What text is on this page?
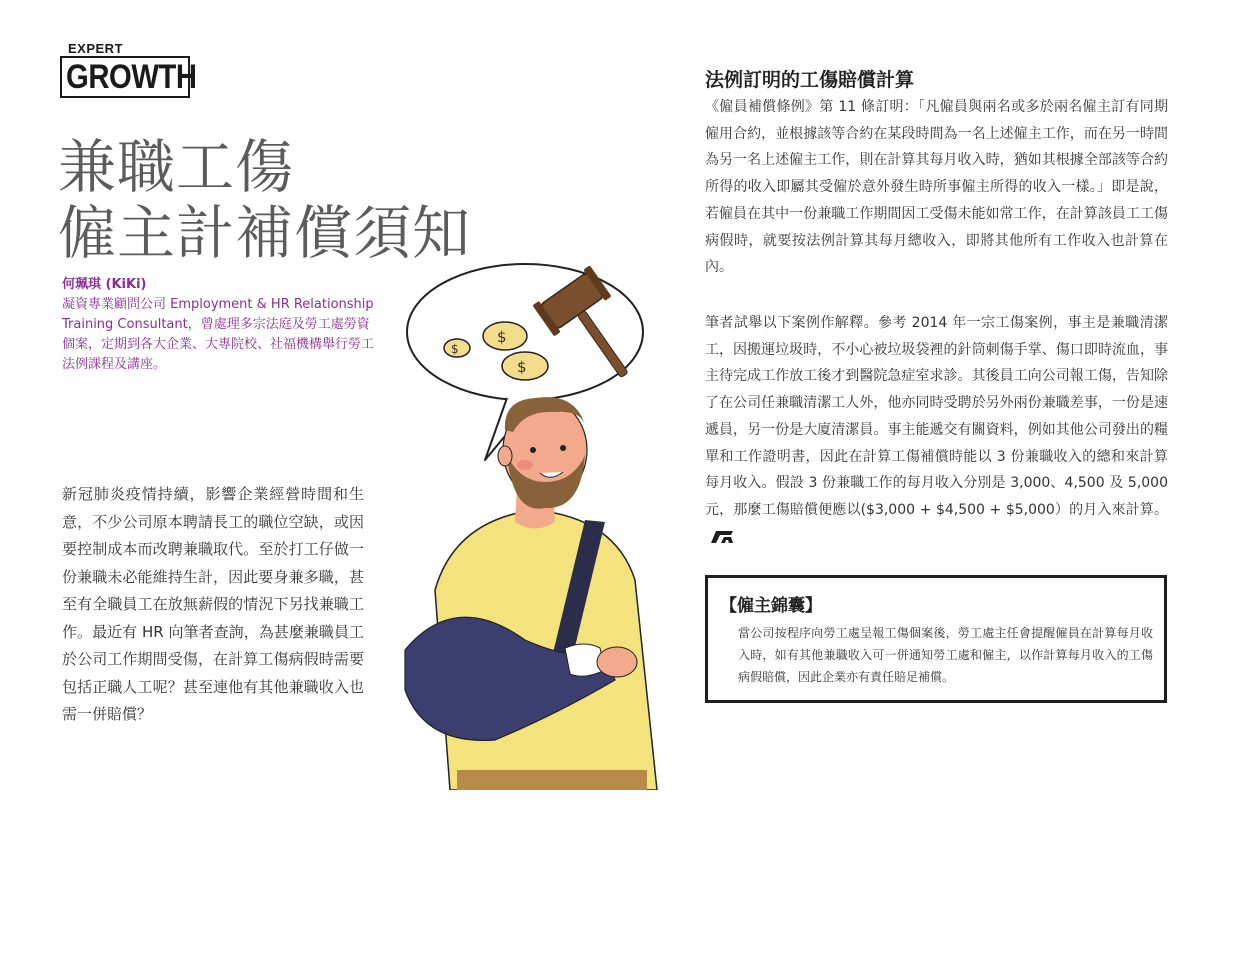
EXPERT
GROWTH
兼職工傷
僱主計補償須知
何珮琪 (KiKi)
凝資專業顧問公司 Employment & HR Relationship Training Consultant，曾處理多宗法庭及勞工處勞資個案，定期到各大企業、大專院校、社福機構舉行勞工法例課程及講座。

新冠肺炎疫情持續，影響企業經營時間和生意，不少公司原本聘請長工的職位空缺，或因要控制成本而改聘兼職取代。至於打工仔做一份兼職未必能維持生計，因此要身兼多職，甚至有全職員工在放無薪假的情況下另找兼職工作。最近有 HR 向筆者查詢，為甚麼兼職員工於公司工作期間受傷，在計算工傷病假時需要包括正職人工呢？甚至連他有其他兼職收入也需一併賠償？

$
$
$
Shutterstock.com
法例訂明的工傷賠償計算

《僱員補償條例》第 11 條訂明：「凡僱員與兩名或多於兩名僱主訂有同期僱用合約，並根據該等合約在某段時間為一名上述僱主工作，而在另一時間為另一名上述僱主工作，則在計算其每月收入時，猶如其根據全部該等合約所得的收入即屬其受僱於意外發生時所事僱主所得的收入一樣。」即是說，若僱員在其中一份兼職工作期間因工受傷未能如常工作，在計算該員工工傷病假時，就要按法例計算其每月總收入，即將其他所有工作收入也計算在內。

筆者試舉以下案例作解釋。參考 2014 年一宗工傷案例，事主是兼職清潔工，因搬運垃圾時，不小心被垃圾袋裡的針筒刺傷手掌、傷口即時流血，事主待完成工作放工後才到醫院急症室求診。其後員工向公司報工傷，告知除了在公司任兼職清潔工人外，他亦同時受聘於另外兩份兼職差事，一份是速遞員，另一份是大廈清潔員。事主能遞交有關資料，例如其他公司發出的糧單和工作證明書，因此在計算工傷補償時能以 3 份兼職收入的總和來計算每月收入。假設 3 份兼職工作的每月收入分別是 3,000、4,500 及 5,000 元，那麼工傷賠償便應以($3,000 + $4,500 + $5,000）的月入來計算。

【僱主錦囊】

當公司按程序向勞工處呈報工傷個案後，勞工處主任會提醒僱員在計算每月收入時，如有其他兼職收入可一併通知勞工處和僱主，以作計算每月收入的工傷病假賠償，因此企業亦有責任賠足補償。
